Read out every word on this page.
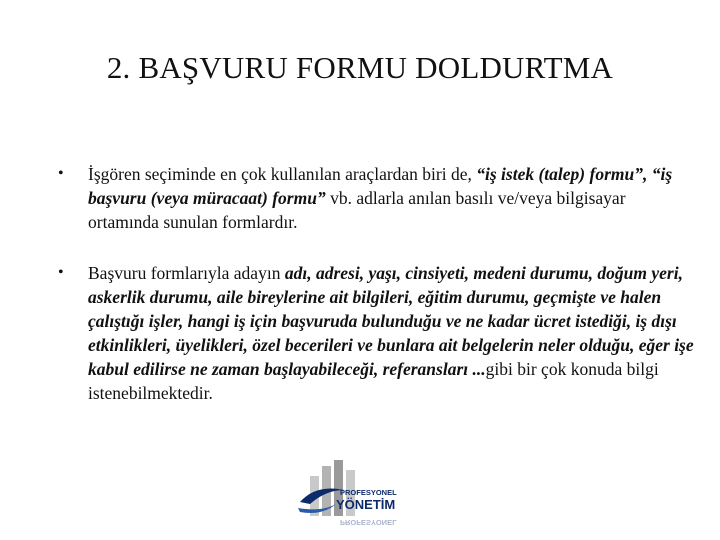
2. BAŞVURU FORMU DOLDURTMA
• İşgören seçiminde en çok kullanılan araçlardan biri de, “iş istek (talep) formu”, “iş başvuru (veya müracaat) formu” vb. adlarla anılan basılı ve/veya bilgisayar ortamında sunulan formlardır.
• Başvuru formlarıyla adayın adı, adresi, yaşı, cinsiyeti, medeni durumu, doğum yeri, askerlik durumu, aile bireylerine ait bilgileri, eğitim durumu, geçmişte ve halen çalıştığı işler, hangi iş için başvuruda bulunduğu ve ne kadar ücret istediği, iş dışı etkinlikleri, üyelikleri, özel becerileri ve bunlara ait belgelerin neler olduğu, eğer işe kabul edilirse ne zaman başlayabileceği, referansları ...gibi bir çok konuda bilgi istenebilmektedir.
PROFESYONEL
YÖNETİM
PROFESYONEL
